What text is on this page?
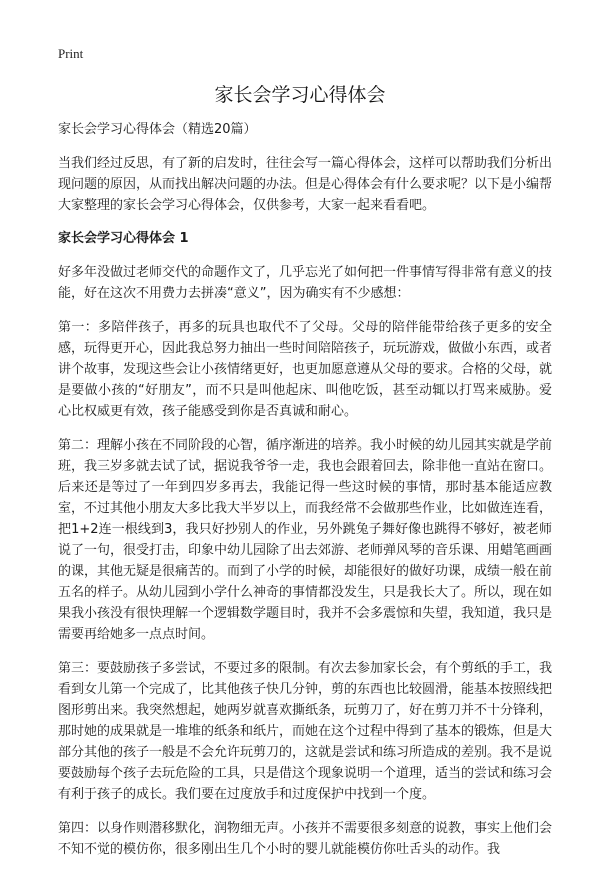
Print
家长会学习心得体会

家长会学习心得体会（精选20篇）

当我们经过反思，有了新的启发时，往往会写一篇心得体会，这样可以帮助我们分析出现问题的原因，从而找出解决问题的办法。但是心得体会有什么要求呢？以下是小编帮大家整理的家长会学习心得体会，仅供参考，大家一起来看看吧。

家长会学习心得体会 1

好多年没做过老师交代的命题作文了，几乎忘光了如何把一件事情写得非常有意义的技能，好在这次不用费力去拼凑“意义”，因为确实有不少感想：

第一：多陪伴孩子，再多的玩具也取代不了父母。父母的陪伴能带给孩子更多的安全感，玩得更开心，因此我总努力抽出一些时间陪陪孩子，玩玩游戏，做做小东西，或者讲个故事，发现这些会让小孩情绪更好，也更加愿意遵从父母的要求。合格的父母，就是要做小孩的“好朋友”，而不只是叫他起床、叫他吃饭，甚至动辄以打骂来威胁。爱心比权威更有效，孩子能感受到你是否真诚和耐心。

第二：理解小孩在不同阶段的心智，循序渐进的培养。我小时候的幼儿园其实就是学前班，我三岁多就去试了试，据说我爷爷一走，我也会跟着回去，除非他一直站在窗口。后来还是等过了一年到四岁多再去，我能记得一些这时候的事情，那时基本能适应教室，不过其他小朋友大多比我大半岁以上，而我经常不会做那些作业，比如做连连看，把1+2连一根线到3，我只好抄别人的作业，另外跳兔子舞好像也跳得不够好，被老师说了一句，很受打击，印象中幼儿园除了出去郊游、老师弹风琴的音乐课、用蜡笔画画的课，其他无疑是很痛苦的。而到了小学的时候，却能很好的做好功课，成绩一般在前五名的样子。从幼儿园到小学什么神奇的事情都没发生，只是我长大了。所以，现在如果我小孩没有很快理解一个逻辑数学题目时，我并不会多震惊和失望，我知道，我只是需要再给她多一点点时间。

第三：要鼓励孩子多尝试，不要过多的限制。有次去参加家长会，有个剪纸的手工，我看到女儿第一个完成了，比其他孩子快几分钟，剪的东西也比较圆滑，能基本按照线把图形剪出来。我突然想起，她两岁就喜欢撕纸条，玩剪刀了，好在剪刀并不十分锋利，那时她的成果就是一堆堆的纸条和纸片，而她在这个过程中得到了基本的锻炼，但是大部分其他的孩子一般是不会允许玩剪刀的，这就是尝试和练习所造成的差别。我不是说要鼓励每个孩子去玩危险的工具，只是借这个现象说明一个道理，适当的尝试和练习会有利于孩子的成长。我们要在过度放手和过度保护中找到一个度。

第四：以身作则潜移默化，润物细无声。小孩并不需要很多刻意的说教，事实上他们会不知不觉的模仿你，很多刚出生几个小时的婴儿就能模仿你吐舌头的动作。我
